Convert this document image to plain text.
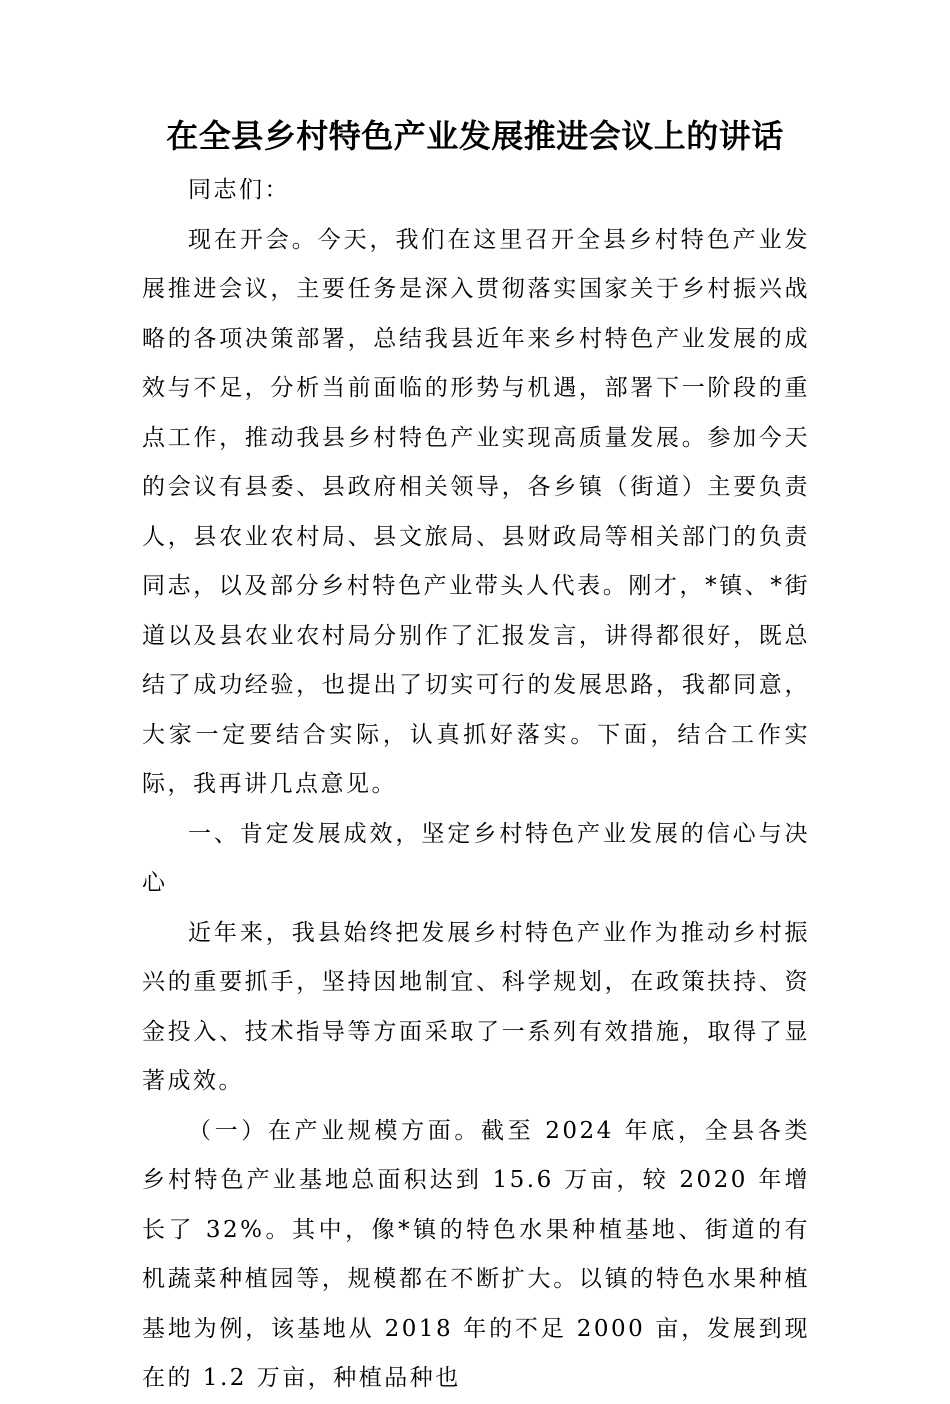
在全县乡村特色产业发展推进会议上的讲话

同志们：

现在开会。今天，我们在这里召开全县乡村特色产业发展推进会议，主要任务是深入贯彻落实国家关于乡村振兴战略的各项决策部署，总结我县近年来乡村特色产业发展的成效与不足，分析当前面临的形势与机遇，部署下一阶段的重点工作，推动我县乡村特色产业实现高质量发展。参加今天的会议有县委、县政府相关领导，各乡镇（街道）主要负责人，县农业农村局、县文旅局、县财政局等相关部门的负责同志，以及部分乡村特色产业带头人代表。刚才，*镇、*街道以及县农业农村局分别作了汇报发言，讲得都很好，既总结了成功经验，也提出了切实可行的发展思路，我都同意，大家一定要结合实际，认真抓好落实。下面，结合工作实际，我再讲几点意见。

一、肯定发展成效，坚定乡村特色产业发展的信心与决心

近年来，我县始终把发展乡村特色产业作为推动乡村振兴的重要抓手，坚持因地制宜、科学规划，在政策扶持、资金投入、技术指导等方面采取了一系列有效措施，取得了显著成效。

（一）在产业规模方面。截至 2024 年底，全县各类乡村特色产业基地总面积达到 15.6 万亩，较 2020 年增长了 32%。其中，像*镇的特色水果种植基地、街道的有机蔬菜种植园等，规模都在不断扩大。以镇的特色水果种植基地为例，该基地从 2018 年的不足 2000 亩，发展到现在的 1.2 万亩，种植品种也
